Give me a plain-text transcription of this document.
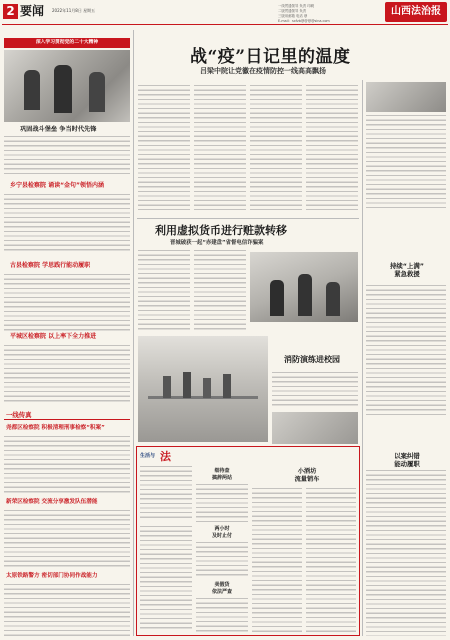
2 要闻 2022年11月8日 星期五
一线贯通领导 负责 印刷
二版贯通领导 负责
三版用邮箱 电话 @
E-mail：sxfzb@@@@sina.com
山西法治报
深入学习贯彻党的二十大精神
巩固战斗堡垒 争当时代先锋
乡宁县检察院 诵读“金句”领悟内涵
古县检察院 学思践行能动履职
平城区检察院 以上率下全力推进
一线传真
尧都区检察院 积极清理刑事检察“积案”
新荣区检察院 交流分享激发队伍潜能
太原铁路警方 密切部门协同作战能力
战“疫”日记里的温度
吕梁中院让党徽在疫情防控一线高高飘扬
利用虚拟货币进行赃款转移
晋城破获一起“赤建盘”省督电信诈骗案
消防演练进校园
持续“上满”
紧急救援
以案纠错
能动履职
生活与 法
细待查
搞辞两站
两小时
及时止付
卖假货
依法严查
小酒坊
流量销车
